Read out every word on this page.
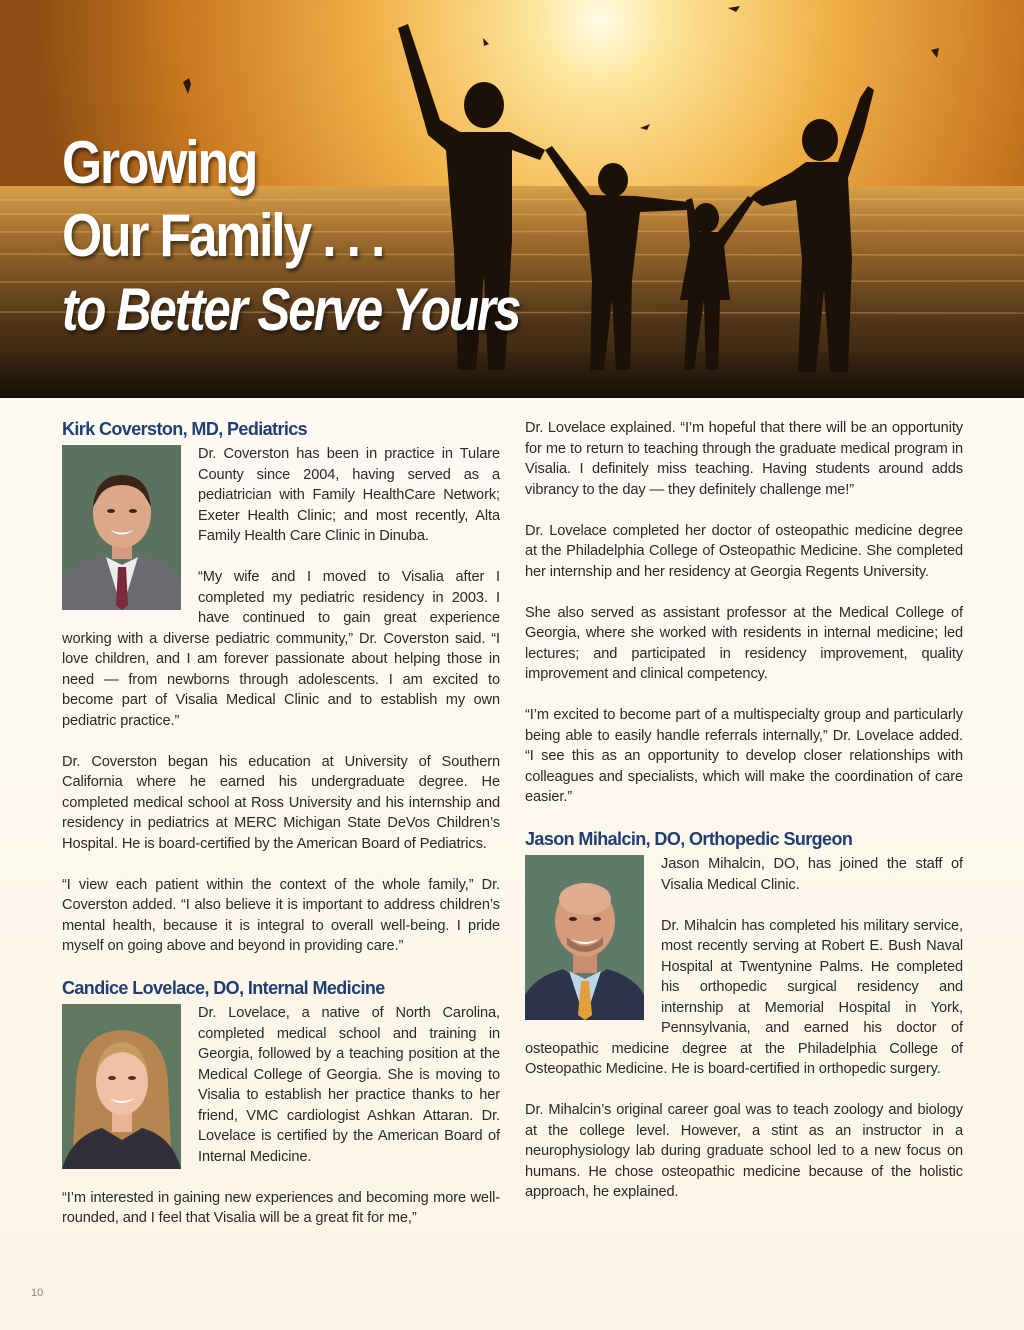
Growing
Our Family . . .
to Better Serve Yours
Kirk Coverston, MD, Pediatrics

Dr. Coverston has been in practice in Tulare County since 2004, having served as a pediatrician with Family HealthCare Network; Exeter Health Clinic; and most recently, Alta Family Health Care Clinic in Dinuba.

“My wife and I moved to Visalia after I completed my pediatric residency in 2003. I have continued to gain great experience working with a diverse pediatric community,” Dr. Coverston said. “I love children, and I am forever passionate about helping those in need — from newborns through adolescents. I am excited to become part of Visalia Medical Clinic and to establish my own pediatric practice.”

Dr. Coverston began his education at University of Southern California where he earned his undergraduate degree. He completed medical school at Ross University and his internship and residency in pediatrics at MERC Michigan State DeVos Children’s Hospital. He is board-certified by the American Board of Pediatrics.

“I view each patient within the context of the whole family,” Dr. Coverston added. “I also believe it is important to address children’s mental health, because it is integral to overall well-being. I pride myself on going above and beyond in providing care.”

Candice Lovelace, DO, Internal Medicine

Dr. Lovelace, a native of North Carolina, completed medical school and training in Georgia, followed by a teaching position at the Medical College of Georgia. She is moving to Visalia to establish her practice thanks to her friend, VMC cardiologist Ashkan Attaran. Dr. Lovelace is certified by the American Board of Internal Medicine.

“I’m interested in gaining new experiences and becoming more well-rounded, and I feel that Visalia will be a great fit for me,”

Dr. Lovelace explained. “I’m hopeful that there will be an opportunity for me to return to teaching through the graduate medical program in Visalia. I definitely miss teaching. Having students around adds vibrancy to the day — they definitely challenge me!”

Dr. Lovelace completed her doctor of osteopathic medicine degree at the Philadelphia College of Osteopathic Medicine. She completed her internship and her residency at Georgia Regents University.

She also served as assistant professor at the Medical College of Georgia, where she worked with residents in internal medicine; led lectures; and participated in residency improvement, quality improvement and clinical competency.

“I’m excited to become part of a multispecialty group and particularly being able to easily handle referrals internally,” Dr. Lovelace added. “I see this as an opportunity to develop closer relationships with colleagues and specialists, which will make the coordination of care easier.”

Jason Mihalcin, DO, Orthopedic Surgeon

Jason Mihalcin, DO, has joined the staff of Visalia Medical Clinic.

Dr. Mihalcin has completed his military service, most recently serving at Robert E. Bush Naval Hospital at Twentynine Palms. He completed his orthopedic surgical residency and internship at Memorial Hospital in York, Pennsylvania, and earned his doctor of osteopathic medicine degree at the Philadelphia College of Osteopathic Medicine. He is board-certified in orthopedic surgery.

Dr. Mihalcin’s original career goal was to teach zoology and biology at the college level. However, a stint as an instructor in a neurophysiology lab during graduate school led to a new focus on humans. He chose osteopathic medicine because of the holistic approach, he explained.

10
